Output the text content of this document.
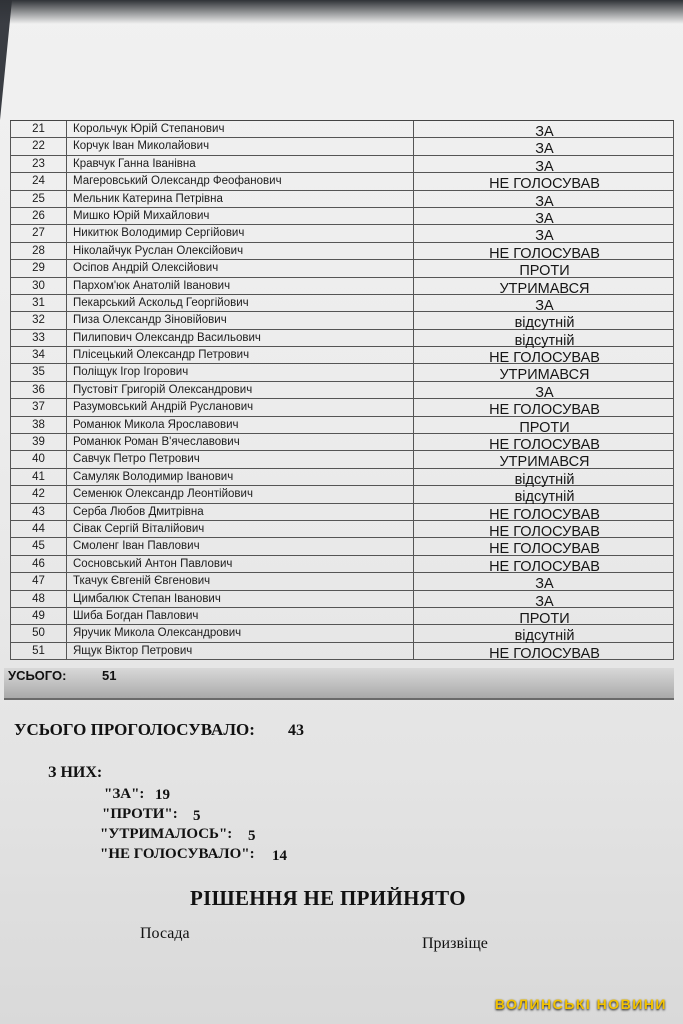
21	Корольчук Юрій Степанович	ЗА
22	Корчук Іван Миколайович	ЗА
23	Кравчук Ганна Іванівна	ЗА
24	Магеровський Олександр Феофанович	НЕ ГОЛОСУВАВ
25	Мельник Катерина Петрівна	ЗА
26	Мишко Юрій Михайлович	ЗА
27	Никитюк Володимир Сергійович	ЗА
28	Ніколайчук Руслан Олексійович	НЕ ГОЛОСУВАВ
29	Осіпов Андрій Олексійович	ПРОТИ
30	Пархом'юк Анатолій Іванович	УТРИМАВСЯ
31	Пекарський Аскольд Георгійович	ЗА
32	Пиза Олександр Зіновійович	відсутній
33	Пилипович Олександр Васильович	відсутній
34	Плісецький Олександр Петрович	НЕ ГОЛОСУВАВ
35	Поліщук Ігор Ігорович	УТРИМАВСЯ
36	Пустовіт Григорій Олександрович	ЗА
37	Разумовський Андрій Русланович	НЕ ГОЛОСУВАВ
38	Романюк Микола Ярославович	ПРОТИ
39	Романюк Роман В'ячеславович	НЕ ГОЛОСУВАВ
40	Савчук Петро Петрович	УТРИМАВСЯ
41	Самуляк Володимир Іванович	відсутній
42	Семенюк Олександр Леонтійович	відсутній
43	Серба Любов Дмитрівна	НЕ ГОЛОСУВАВ
44	Сівак Сергій Віталійович	НЕ ГОЛОСУВАВ
45	Смоленг Іван Павлович	НЕ ГОЛОСУВАВ
46	Сосновський Антон Павлович	НЕ ГОЛОСУВАВ
47	Ткачук Євгеній Євгенович	ЗА
48	Цимбалюк Степан Іванович	ЗА
49	Шиба Богдан Павлович	ПРОТИ
50	Яручик Микола Олександрович	відсутній
51	Ящук Віктор Петрович	НЕ ГОЛОСУВАВ
УСЬОГО:	51
УСЬОГО ПРОГОЛОСУВАЛО: 43
З НИХ:
"ЗА": 19
"ПРОТИ": 5
"УТРИМАЛОСЬ": 5
"НЕ ГОЛОСУВАЛО": 14
РІШЕННЯ НЕ ПРИЙНЯТО
Посада
Призвіще
ВОЛИНСЬКІ НОВИНИ
